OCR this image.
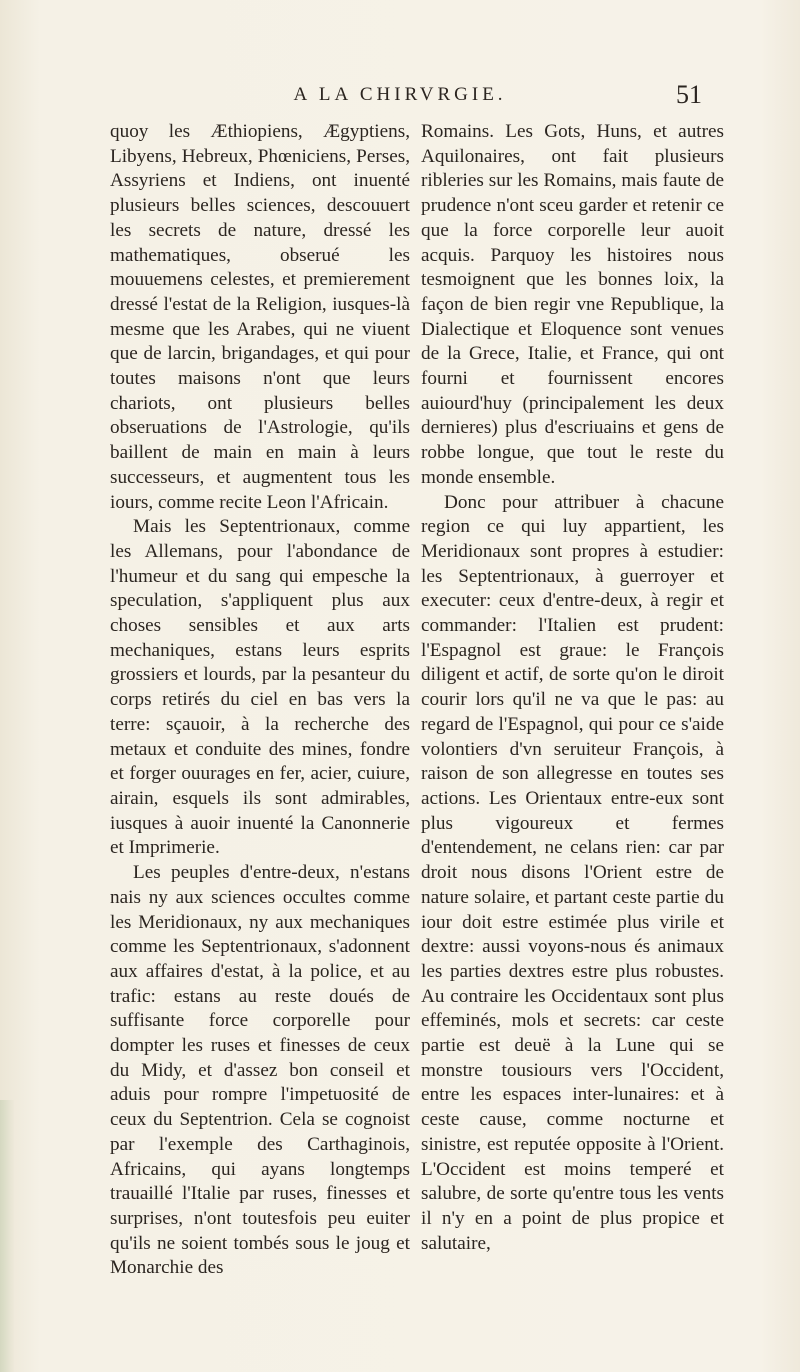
A LA CHIRVRGIE.	51

quoy les Æthiopiens, Ægyptiens, Libyens, Hebreux, Phœniciens, Perses, Assyriens et Indiens, ont inuenté plusieurs belles sciences, descouuert les secrets de nature, dressé les mathematiques, obserué les mouuemens celestes, et premierement dressé l'estat de la Religion, iusques-là mesme que les Arabes, qui ne viuent que de larcin, brigandages, et qui pour toutes maisons n'ont que leurs chariots, ont plusieurs belles obseruations de l'Astrologie, qu'ils baillent de main en main à leurs successeurs, et augmentent tous les iours, comme recite Leon l'Africain.

Mais les Septentrionaux, comme les Allemans, pour l'abondance de l'humeur et du sang qui empesche la speculation, s'appliquent plus aux choses sensibles et aux arts mechaniques, estans leurs esprits grossiers et lourds, par la pesanteur du corps retirés du ciel en bas vers la terre: sçauoir, à la recherche des metaux et conduite des mines, fondre et forger ouurages en fer, acier, cuiure, airain, esquels ils sont admirables, iusques à auoir inuenté la Canonnerie et Imprimerie.

Les peuples d'entre-deux, n'estans nais ny aux sciences occultes comme les Meridionaux, ny aux mechaniques comme les Septentrionaux, s'adonnent aux affaires d'estat, à la police, et au trafic: estans au reste doués de suffisante force corporelle pour dompter les ruses et finesses de ceux du Midy, et d'assez bon conseil et aduis pour rompre l'impetuosité de ceux du Septentrion. Cela se cognoist par l'exemple des Carthaginois, Africains, qui ayans longtemps trauaillé l'Italie par ruses, finesses et surprises, n'ont toutesfois peu euiter qu'ils ne soient tombés sous le joug et Monarchie des

Romains. Les Gots, Huns, et autres Aquilonaires, ont fait plusieurs ribleries sur les Romains, mais faute de prudence n'ont sceu garder et retenir ce que la force corporelle leur auoit acquis. Parquoy les histoires nous tesmoignent que les bonnes loix, la façon de bien regir vne Republique, la Dialectique et Eloquence sont venues de la Grece, Italie, et France, qui ont fourni et fournissent encores auiourd'huy (principalement les deux dernieres) plus d'escriuains et gens de robbe longue, que tout le reste du monde ensemble.

Donc pour attribuer à chacune region ce qui luy appartient, les Meridionaux sont propres à estudier: les Septentrionaux, à guerroyer et executer: ceux d'entre-deux, à regir et commander: l'Italien est prudent: l'Espagnol est graue: le François diligent et actif, de sorte qu'on le diroit courir lors qu'il ne va que le pas: au regard de l'Espagnol, qui pour ce s'aide volontiers d'vn seruiteur François, à raison de son allegresse en toutes ses actions. Les Orientaux entre-eux sont plus vigoureux et fermes d'entendement, ne celans rien: car par droit nous disons l'Orient estre de nature solaire, et partant ceste partie du iour doit estre estimée plus virile et dextre: aussi voyons-nous és animaux les parties dextres estre plus robustes. Au contraire les Occidentaux sont plus effeminés, mols et secrets: car ceste partie est deuë à la Lune qui se monstre tousiours vers l'Occident, entre les espaces inter-lunaires: et à ceste cause, comme nocturne et sinistre, est reputée opposite à l'Orient. L'Occident est moins temperé et salubre, de sorte qu'entre tous les vents il n'y en a point de plus propice et salutaire,
